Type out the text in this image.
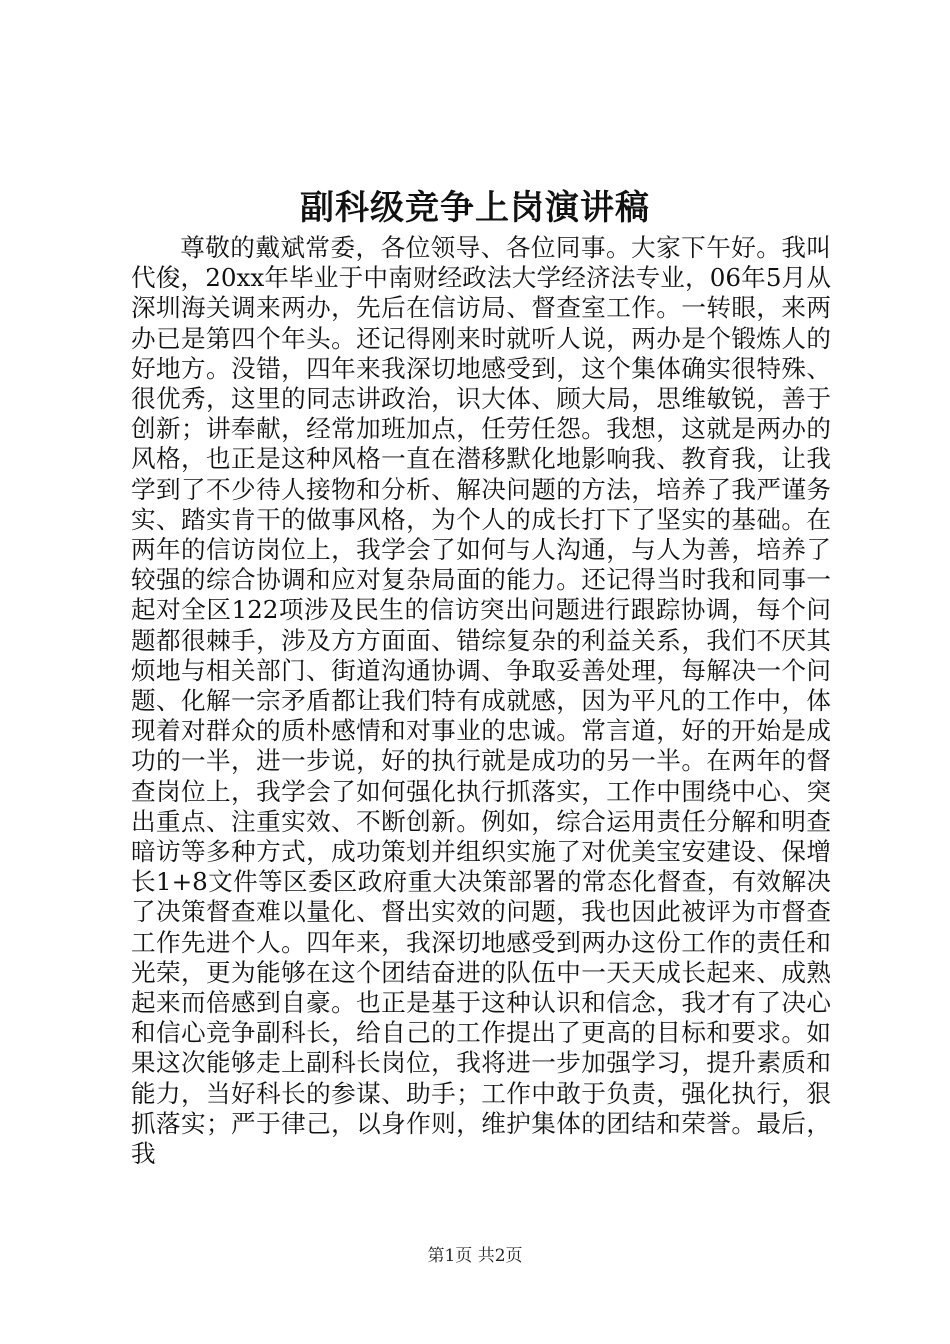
副科级竞争上岗演讲稿

尊敬的戴斌常委，各位领导、各位同事。大家下午好。我叫代俊，20xx年毕业于中南财经政法大学经济法专业，06年5月从深圳海关调来两办，先后在信访局、督查室工作。一转眼，来两办已是第四个年头。还记得刚来时就听人说，两办是个锻炼人的好地方。没错，四年来我深切地感受到，这个集体确实很特殊、很优秀，这里的同志讲政治，识大体、顾大局，思维敏锐，善于创新；讲奉献，经常加班加点，任劳任怨。我想，这就是两办的风格，也正是这种风格一直在潜移默化地影响我、教育我，让我学到了不少待人接物和分析、解决问题的方法，培养了我严谨务实、踏实肯干的做事风格，为个人的成长打下了坚实的基础。在两年的信访岗位上，我学会了如何与人沟通，与人为善，培养了较强的综合协调和应对复杂局面的能力。还记得当时我和同事一起对全区122项涉及民生的信访突出问题进行跟踪协调，每个问题都很棘手，涉及方方面面、错综复杂的利益关系，我们不厌其烦地与相关部门、街道沟通协调、争取妥善处理，每解决一个问题、化解一宗矛盾都让我们特有成就感，因为平凡的工作中，体现着对群众的质朴感情和对事业的忠诚。常言道，好的开始是成功的一半，进一步说，好的执行就是成功的另一半。在两年的督查岗位上，我学会了如何强化执行抓落实，工作中围绕中心、突出重点、注重实效、不断创新。例如，综合运用责任分解和明查暗访等多种方式，成功策划并组织实施了对优美宝安建设、保增长1+8文件等区委区政府重大决策部署的常态化督查，有效解决了决策督查难以量化、督出实效的问题，我也因此被评为市督查工作先进个人。四年来，我深切地感受到两办这份工作的责任和光荣，更为能够在这个团结奋进的队伍中一天天成长起来、成熟起来而倍感到自豪。也正是基于这种认识和信念，我才有了决心和信心竞争副科长，给自己的工作提出了更高的目标和要求。如果这次能够走上副科长岗位，我将进一步加强学习，提升素质和能力，当好科长的参谋、助手；工作中敢于负责，强化执行，狠抓落实；严于律己，以身作则，维护集体的团结和荣誉。最后，我

第1页 共2页
